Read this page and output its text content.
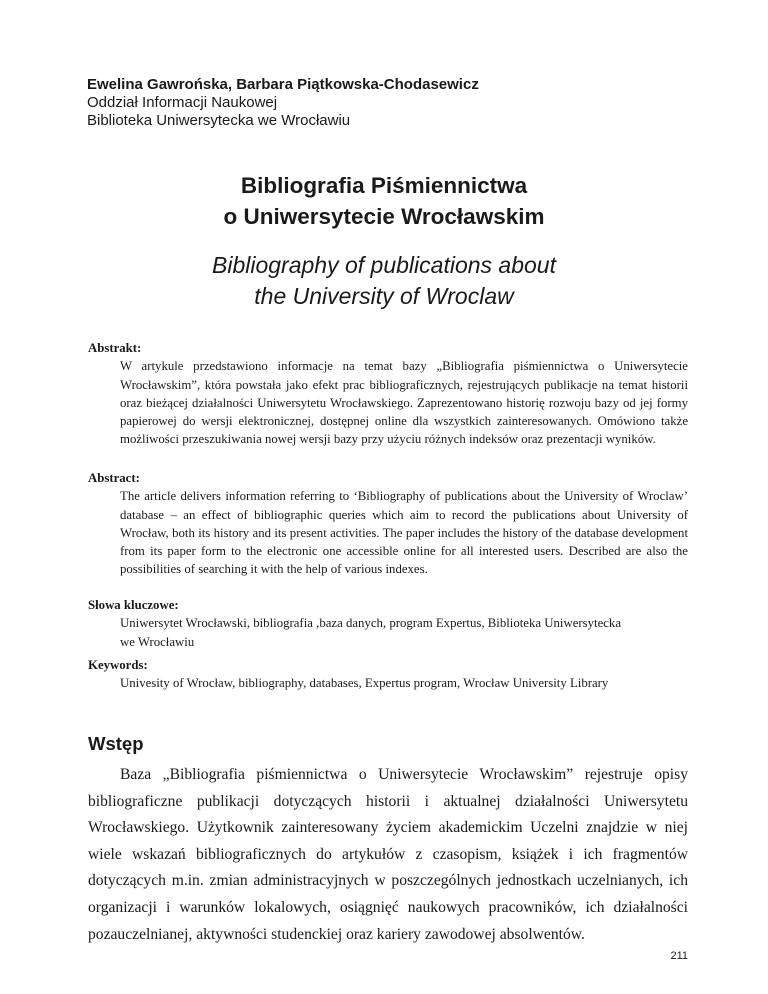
Ewelina Gawrońska, Barbara Piątkowska-Chodasewicz
Oddział Informacji Naukowej
Biblioteka Uniwersytecka we Wrocławiu
Bibliografia Piśmiennictwa
o Uniwersytecie Wrocławskim
Bibliography of publications about
the University of Wroclaw
Abstrakt:
W artykule przedstawiono informacje na temat bazy „Bibliografia piśmiennictwa o Uniwersytecie Wrocławskim”, która powstała jako efekt prac bibliograficznych, rejestrujących publikacje na temat historii oraz bieżącej działalności Uniwersytetu Wrocławskiego. Zaprezentowano historię rozwoju bazy od jej formy papierowej do wersji elektronicznej, dostępnej online dla wszystkich zainteresowanych. Omówiono także możliwości przeszukiwania nowej wersji bazy przy użyciu różnych indeksów oraz prezentacji wyników.
Abstract:
The article delivers information referring to ‘Bibliography of publications about the University of Wroclaw’ database – an effect of bibliographic queries which aim to record the publications about University of Wrocław, both its history and its present activities. The paper includes the history of the database development from its paper form to the electronic one accessible online for all interested users. Described are also the possibilities of searching it with the help of various indexes.
Słowa kluczowe:
Uniwersytet Wrocławski, bibliografia ,baza danych, program Expertus, Biblioteka Uniwersytecka
we Wrocławiu
Keywords:
Univesity of Wrocław, bibliography, databases, Expertus program, Wrocław University Library
Wstęp
Baza „Bibliografia piśmiennictwa o Uniwersytecie Wrocławskim” rejestruje opisy bibliograficzne publikacji dotyczących historii i aktualnej działalności Uniwersytetu Wrocławskiego. Użytkownik zainteresowany życiem akademickim Uczelni znajdzie w niej wiele wskazań bibliograficznych do artykułów z czasopism, książek i ich fragmentów dotyczących m.in. zmian administracyjnych w poszczególnych jednostkach uczelnianych, ich organizacji i warunków lokalowych, osiągnięć naukowych pracowników, ich działalności pozauczelnianej, aktywności studenckiej oraz kariery zawodowej absolwentów.
211
